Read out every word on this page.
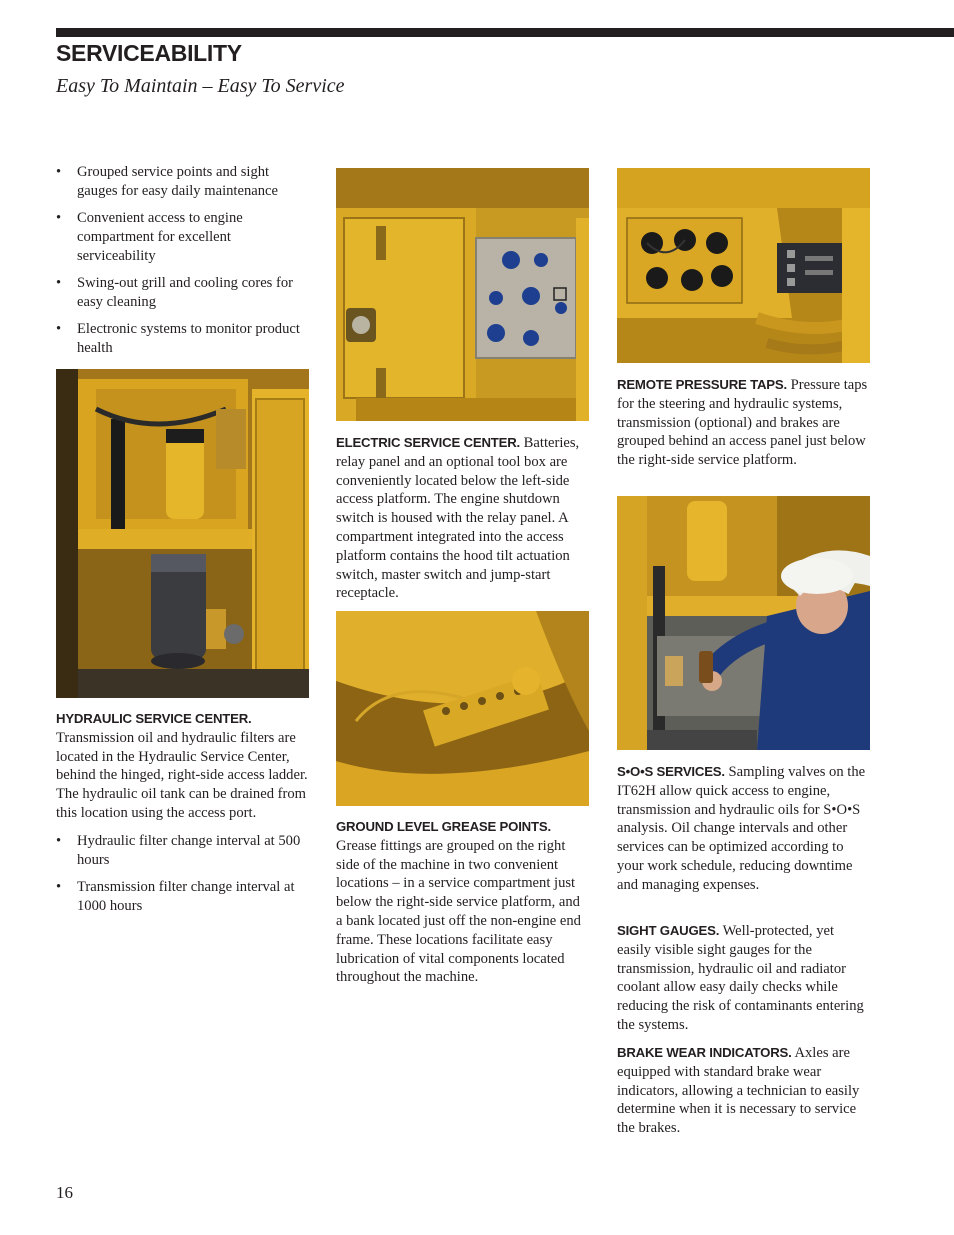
SERVICEABILITY
Easy To Maintain – Easy To Service
• Grouped service points and sight gauges for easy daily maintenance
• Convenient access to engine compartment for excellent serviceability
• Swing-out grill and cooling cores for easy cleaning
• Electronic systems to monitor product health
HYDRAULIC SERVICE CENTER.
Transmission oil and hydraulic filters are located in the Hydraulic Service Center, behind the hinged, right-side access ladder. The hydraulic oil tank can be drained from this location using the access port.
• Hydraulic filter change interval at 500 hours
• Transmission filter change interval at 1000 hours
ELECTRIC SERVICE CENTER. Batteries, relay panel and an optional tool box are conveniently located below the left-side access platform. The engine shutdown switch is housed with the relay panel. A compartment integrated into the access platform contains the hood tilt actuation switch, master switch and jump-start receptacle.
GROUND LEVEL GREASE POINTS.
Grease fittings are grouped on the right side of the machine in two convenient locations – in a service compartment just below the right-side service platform, and a bank located just off the non-engine end frame. These locations facilitate easy lubrication of vital components located throughout the machine.
REMOTE PRESSURE TAPS. Pressure taps for the steering and hydraulic systems, transmission (optional) and brakes are grouped behind an access panel just below the right-side service platform.
S•O•S SERVICES. Sampling valves on the IT62H allow quick access to engine, transmission and hydraulic oils for S•O•S analysis. Oil change intervals and other services can be optimized according to your work schedule, reducing downtime and managing expenses.
SIGHT GAUGES. Well-protected, yet easily visible sight gauges for the transmission, hydraulic oil and radiator coolant allow easy daily checks while reducing the risk of contaminants entering the systems.
BRAKE WEAR INDICATORS. Axles are equipped with standard brake wear indicators, allowing a technician to easily determine when it is necessary to service the brakes.
16
